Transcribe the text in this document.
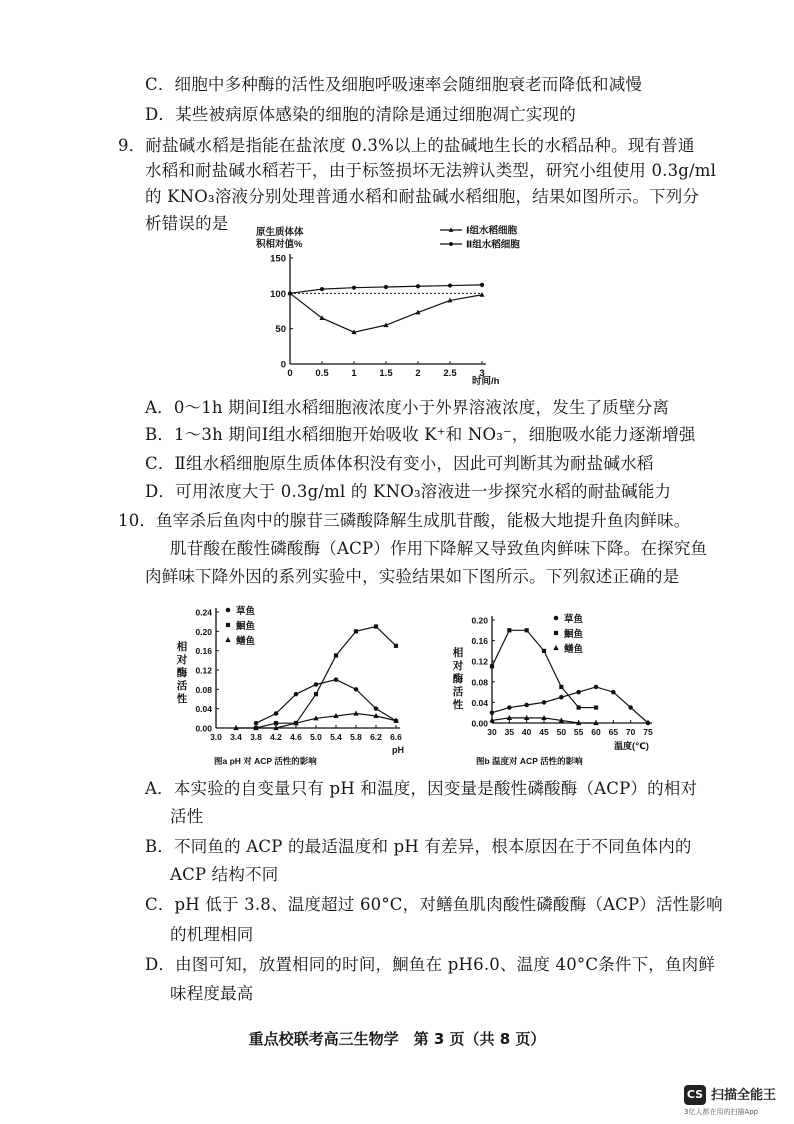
C．细胞中多种酶的活性及细胞呼吸速率会随细胞衰老而降低和减慢
D．某些被病原体感染的细胞的清除是通过细胞凋亡实现的
9．耐盐碱水稻是指能在盐浓度 0.3%以上的盐碱地生长的水稻品种。现有普通
水稻和耐盐碱水稻若干，由于标签损坏无法辨认类型，研究小组使用 0.3g/ml
的 KNO₃溶液分别处理普通水稻和耐盐碱水稻细胞，结果如图所示。下列分
析错误的是	原生质体体
积相对值%
时间/h
0 0.5 1 1.5 2 2.5 3
0
50
100
150
Ⅰ组水稻细胞
Ⅱ组水稻细胞
A．0～1h 期间Ⅰ组水稻细胞液浓度小于外界溶液浓度，发生了质壁分离
B．1～3h 期间Ⅰ组水稻细胞开始吸收 K⁺和 NO₃⁻，细胞吸水能力逐渐增强
C．Ⅱ组水稻细胞原生质体体积没有变小，因此可判断其为耐盐碱水稻
D．可用浓度大于 0.3g/ml 的 KNO₃溶液进一步探究水稻的耐盐碱能力
10．鱼宰杀后鱼肉中的腺苷三磷酸降解生成肌苷酸，能极大地提升鱼肉鲜味。
肌苷酸在酸性磷酸酶（ACP）作用下降解又导致鱼肉鲜味下降。在探究鱼
肉鲜味下降外因的系列实验中，实验结果如下图所示。下列叙述正确的是
3.0 3.4 3.8 4.2 4.6 5.0 5.4 5.8 6.2 6.6
0.00
0.04
0.08
0.12
0.16
0.20
0.24
相
对
酶
活
性
pH
图a pH 对 ACP 活性的影响
草鱼
鮰鱼
鳝鱼
30 35 40 45 50 55 60 65 70 75
0.00
0.04
0.08
0.12
0.16
0.20
相
对
酶
活
性
温度(℃)
图b 温度对 ACP 活性的影响
草鱼
鮰鱼
鳝鱼
A．本实验的自变量只有 pH 和温度，因变量是酸性磷酸酶（ACP）的相对
活性
B．不同鱼的 ACP 的最适温度和 pH 有差异，根本原因在于不同鱼体内的
ACP 结构不同
C．pH 低于 3.8、温度超过 60°C，对鳝鱼肌肉酸性磷酸酶（ACP）活性影响
的机理相同
D．由图可知，放置相同的时间，鮰鱼在 pH6.0、温度 40°C条件下，鱼肉鲜
味程度最高
重点校联考高三生物学　第 3 页（共 8 页）
CS 扫描全能王
3亿人都在用的扫描App
